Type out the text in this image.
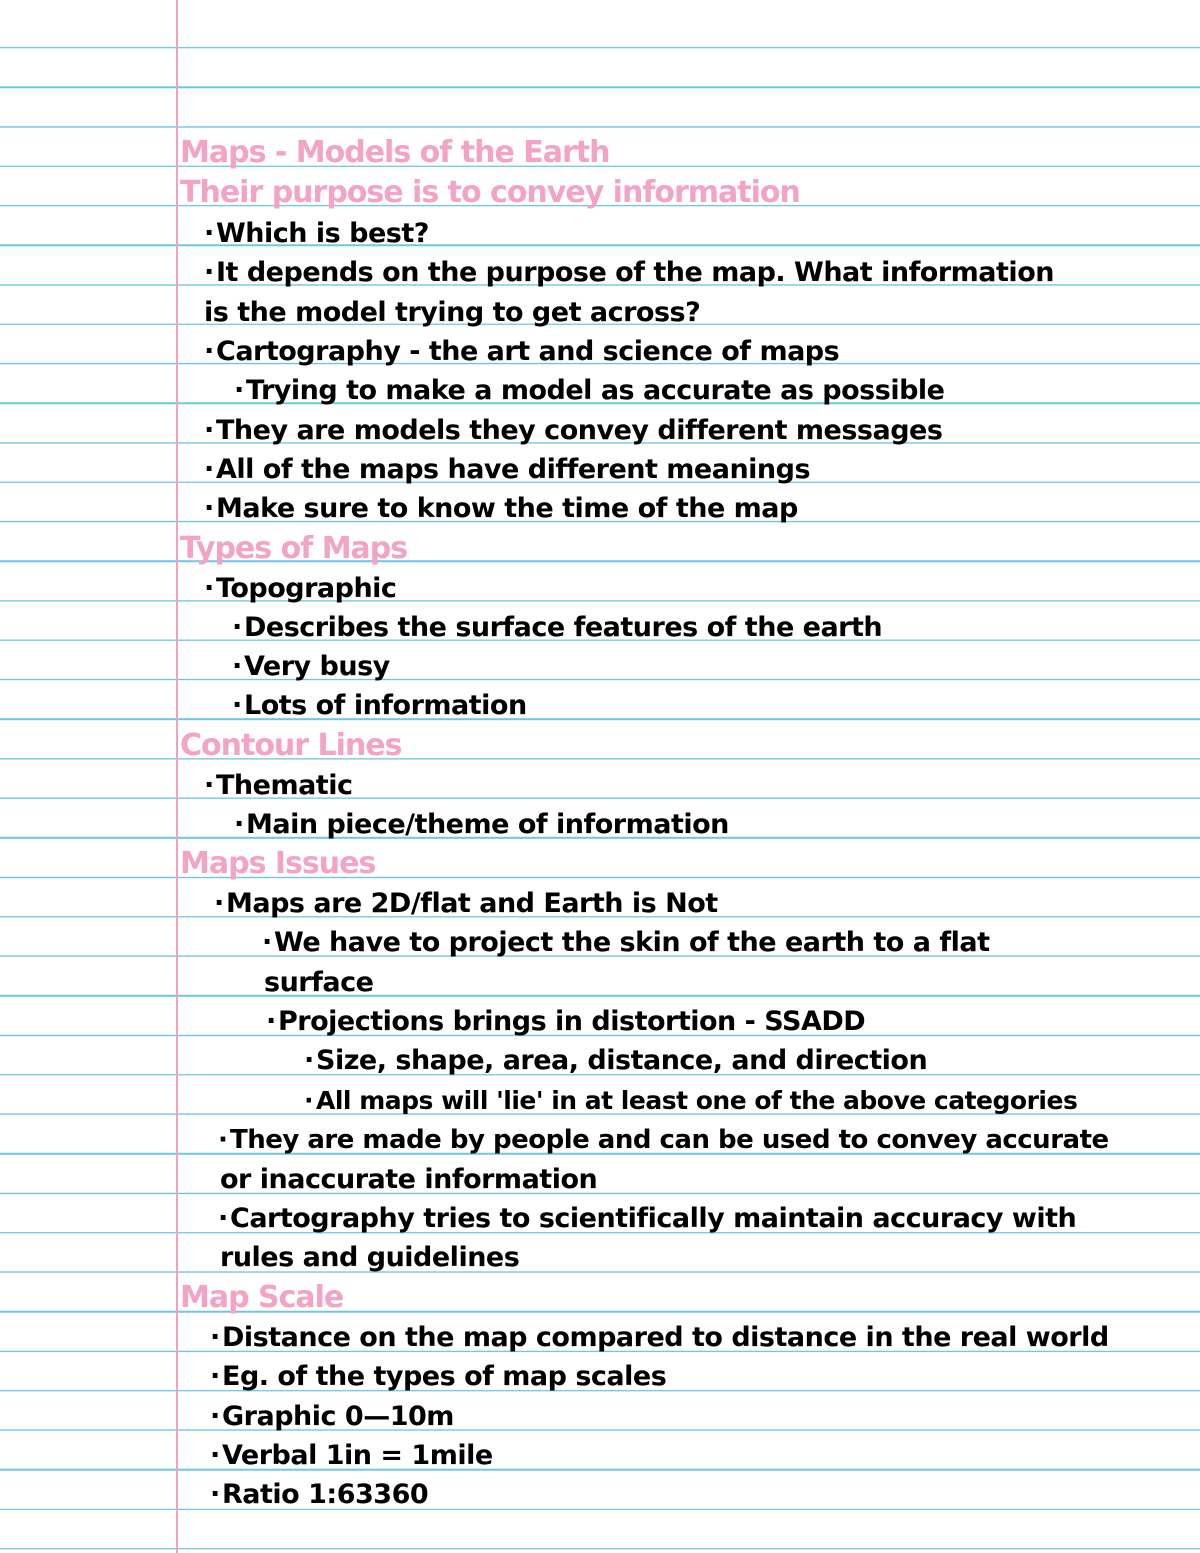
Maps - Models of the Earth
Their purpose is to convey information
·Which is best?
·It depends on the purpose of the map. What information
is the model trying to get across?
·Cartography - the art and science of maps
·Trying to make a model as accurate as possible
·They are models they convey different messages
·All of the maps have different meanings
·Make sure to know the time of the map
Types of Maps
·Topographic
·Describes the surface features of the earth
·Very busy
·Lots of information
Contour Lines
·Thematic
·Main piece/theme of information
Maps Issues
·Maps are 2D/flat and Earth is Not
·We have to project the skin of the earth to a flat
surface
·Projections brings in distortion - SSADD
·Size, shape, area, distance, and direction
· All maps will 'lie' in at least one of the above categories
· They are made by people and can be used to convey accurate
or inaccurate information
·Cartography tries to scientifically maintain accuracy with
rules and guidelines
Map Scale
·Distance on the map compared to distance in the real world
·Eg. of the types of map scales
·Graphic 0—10m
·Verbal 1in = 1mile
·Ratio 1:63360
